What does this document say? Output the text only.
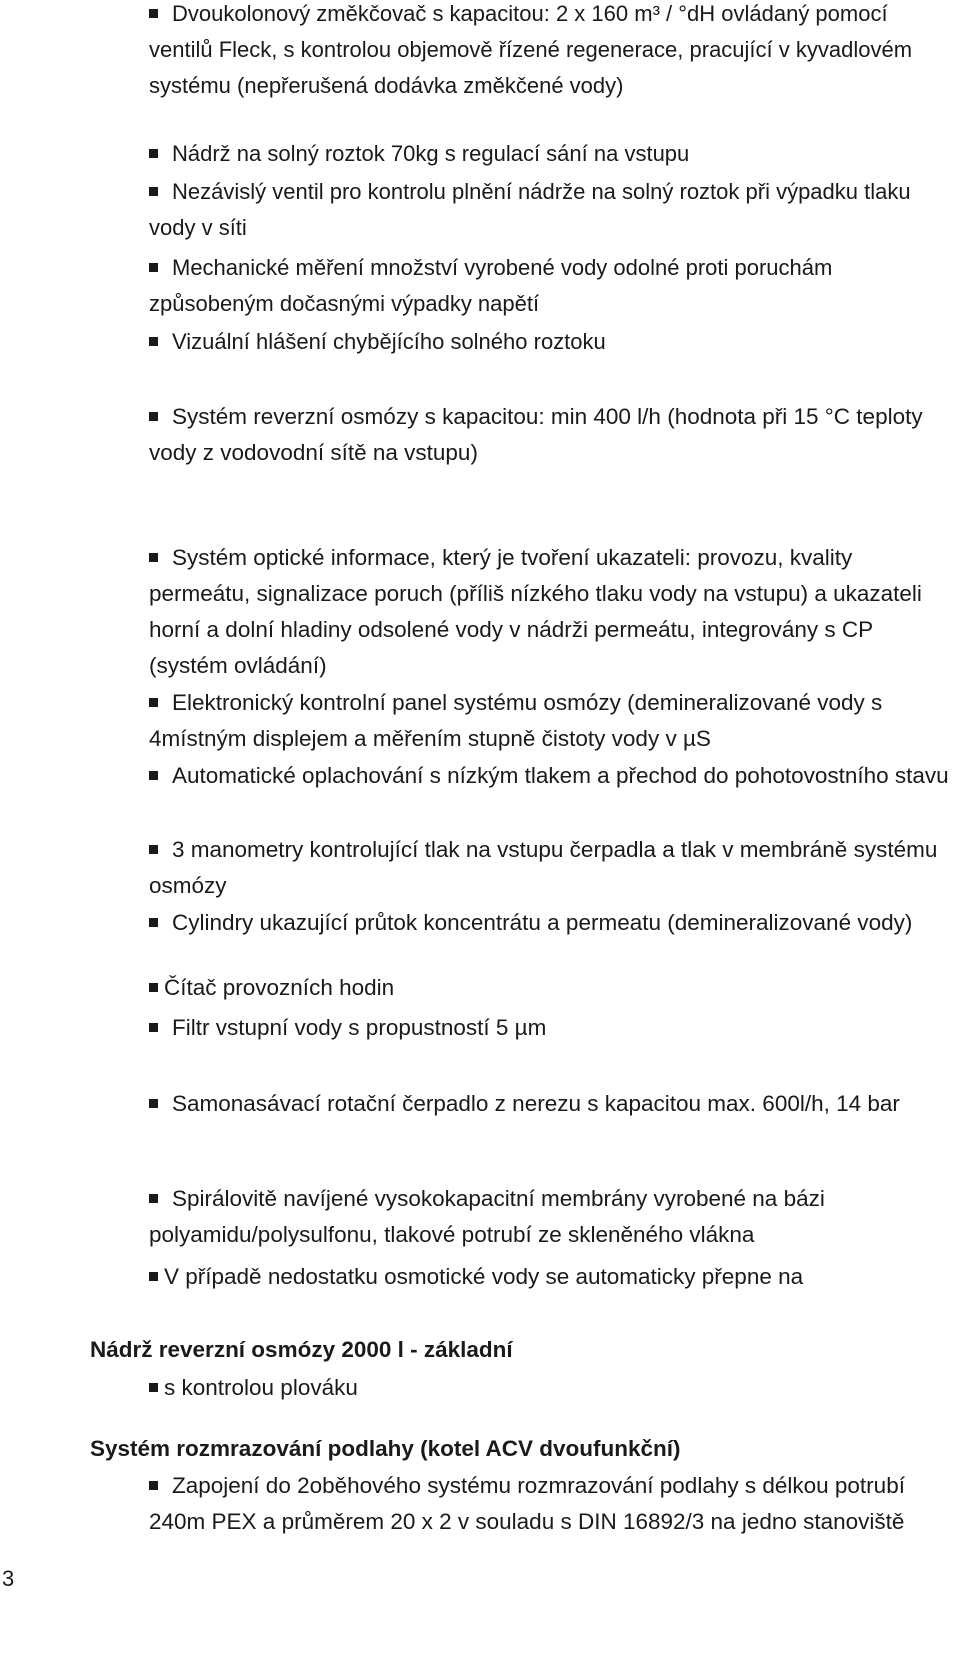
Dvoukolonový změkčovač s kapacitou: 2 x 160 m³ / °dH ovládaný pomocí ventilů Fleck, s kontrolou objemově řízené regenerace, pracující v kyvadlovém systému (nepřerušená dodávka změkčené vody)
Nádrž na solný roztok 70kg s regulací sání na vstupu
Nezávislý ventil pro kontrolu plnění nádrže na solný roztok při výpadku tlaku vody v síti
Mechanické měření množství vyrobené vody odolné proti poruchám způsobeným dočasnými výpadky napětí
Vizuální hlášení chybějícího solného roztoku
Systém reverzní osmózy s kapacitou: min 400 l/h (hodnota při 15 °C teploty vody z vodovodní sítě na vstupu)
Systém optické informace, který je tvoření ukazateli: provozu, kvality permeátu, signalizace poruch (příliš nízkého tlaku vody na vstupu) a ukazateli horní a dolní hladiny odsolené vody v nádrži permeátu, integrovány s CP (systém ovládání)
Elektronický kontrolní panel systému osmózy (demineralizované vody s 4místným displejem a měřením stupně čistoty vody v µS
Automatické oplachování s nízkým tlakem a přechod do pohotovostního stavu
3 manometry kontrolující tlak na vstupu čerpadla a tlak v membráně systému osmózy
Cylindry ukazující průtok koncentrátu a permeatu (demineralizované vody)
Čítač provozních hodin
Filtr vstupní vody s propustností 5 µm
Samonasávací rotační čerpadlo z nerezu s kapacitou max. 600l/h, 14 bar
Spirálovitě navíjené vysokokapacitní membrány vyrobené na bázi polyamidu/polysulfonu, tlakové potrubí ze skleněného vlákna
V případě nedostatku osmotické vody se automaticky přepne na
Nádrž reverzní osmózy 2000 l - základní
s kontrolou plováku
Systém rozmrazování podlahy (kotel ACV dvoufunkční)
Zapojení do 2oběhového systému rozmrazování podlahy s délkou potrubí 240m PEX a průměrem 20 x 2 v souladu s DIN 16892/3 na jedno stanoviště
3
